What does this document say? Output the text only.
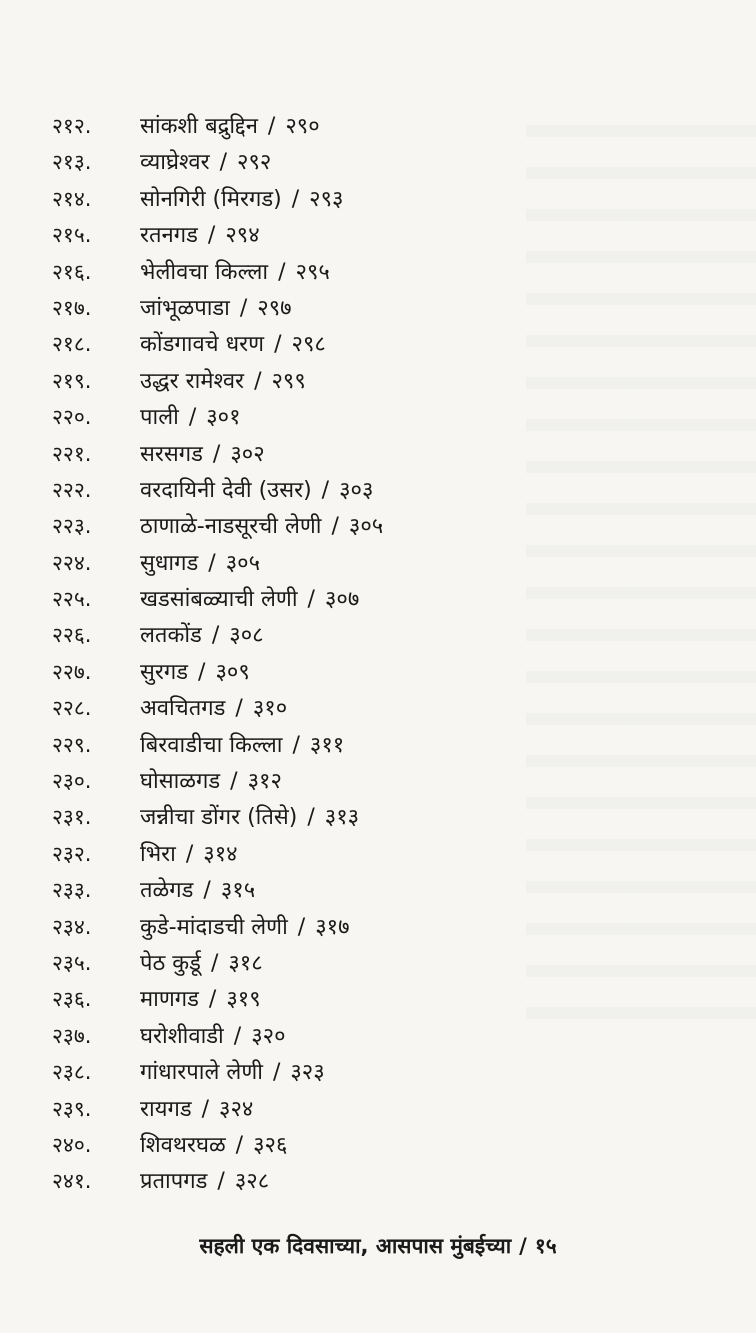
२१२.	सांकशी बद्रुद्दिन / २९०
२१३.	व्याघ्रेश्वर / २९२
२१४.	सोनगिरी (मिरगड) / २९३
२१५.	रतनगड / २९४
२१६.	भेलीवचा किल्ला / २९५
२१७.	जांभूळपाडा / २९७
२१८.	कोंडगावचे धरण / २९८
२१९.	उद्धर रामेश्वर / २९९
२२०.	पाली / ३०१
२२१.	सरसगड / ३०२
२२२.	वरदायिनी देवी (उसर) / ३०३
२२३.	ठाणाळे-नाडसूरची लेणी / ३०५
२२४.	सुधागड / ३०५
२२५.	खडसांबळ्याची लेणी / ३०७
२२६.	लतकोंड / ३०८
२२७.	सुरगड / ३०९
२२८.	अवचितगड / ३१०
२२९.	बिरवाडीचा किल्ला / ३११
२३०.	घोसाळगड / ३१२
२३१.	जन्नीचा डोंगर (तिसे) / ३१३
२३२.	भिरा / ३१४
२३३.	तळेगड / ३१५
२३४.	कुडे-मांदाडची लेणी / ३१७
२३५.	पेठ कुर्डू / ३१८
२३६.	माणगड / ३१९
२३७.	घरोशीवाडी / ३२०
२३८.	गांधारपाले लेणी / ३२३
२३९.	रायगड / ३२४
२४०.	शिवथरघळ / ३२६
२४१.	प्रतापगड / ३२८
सहली एक दिवसाच्या, आसपास मुंबईच्या / १५
